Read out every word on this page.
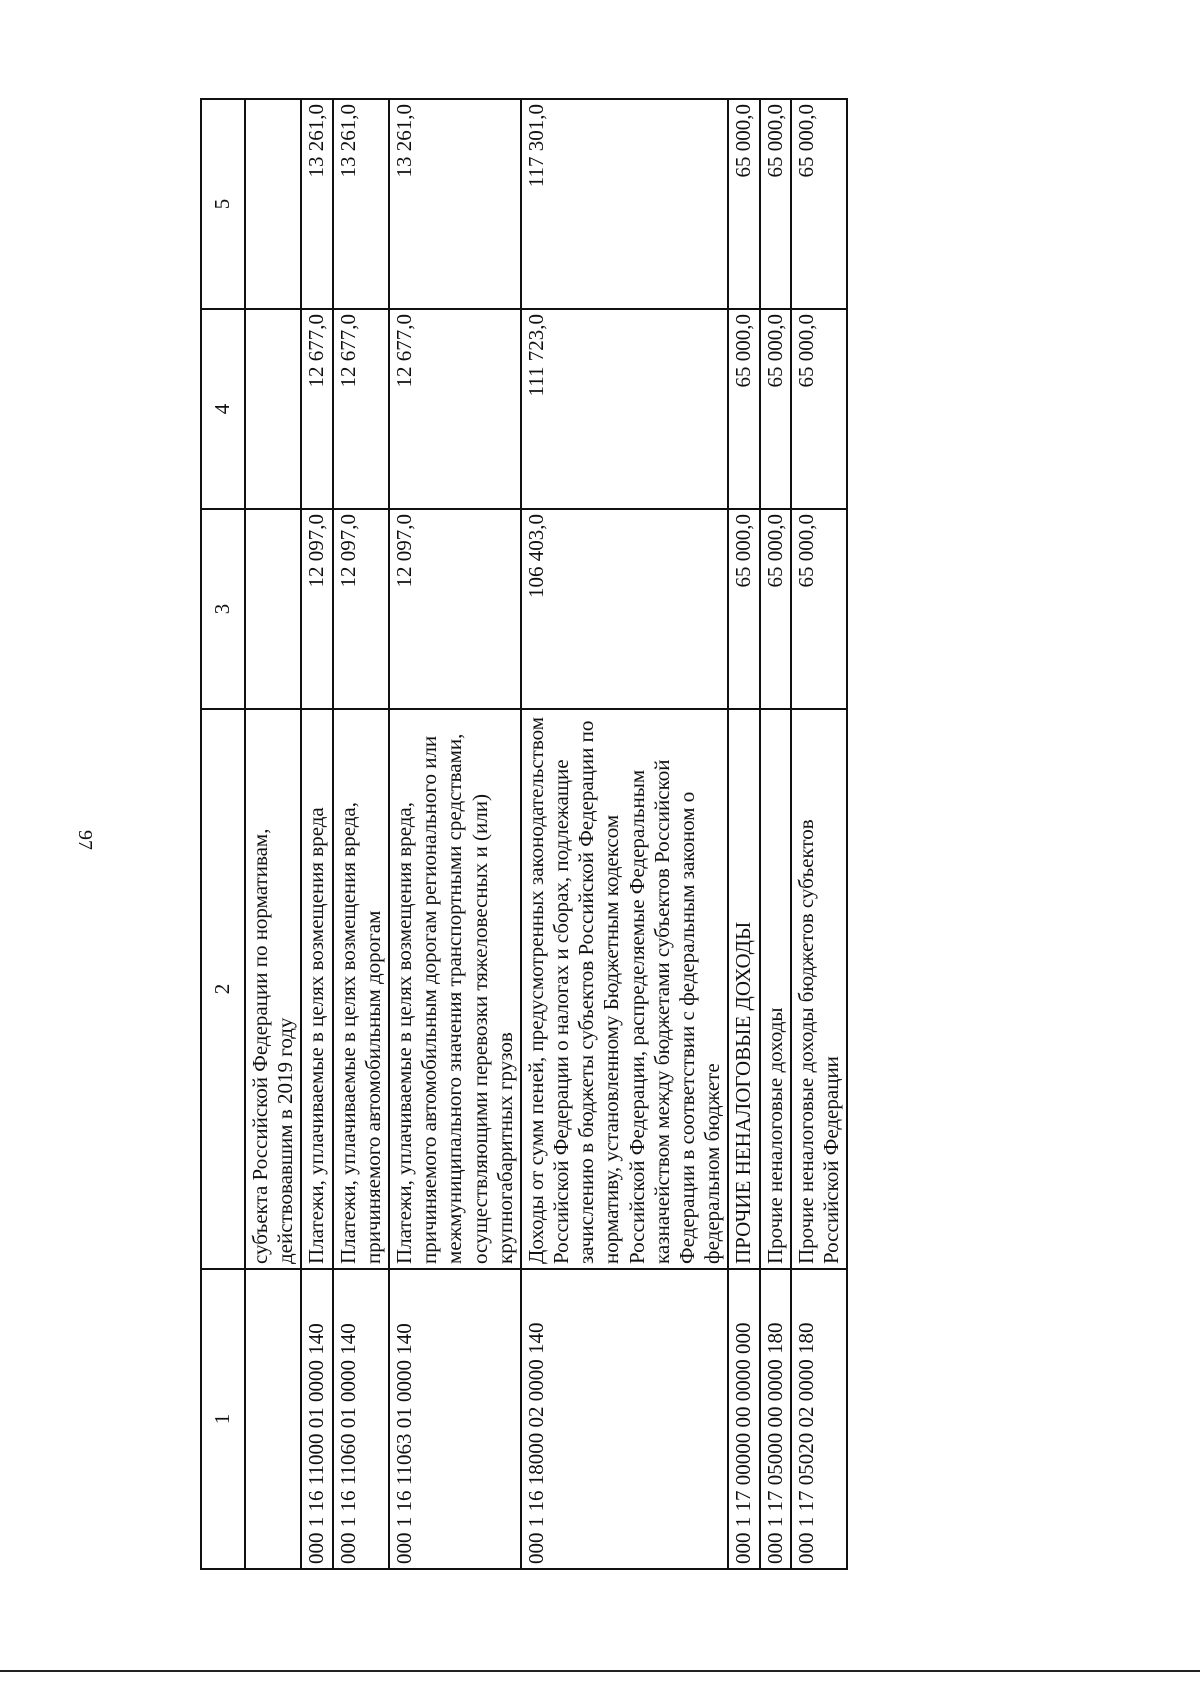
97
1	2	3	4	5
	субъекта Российской Федерации по нормативам, действовавшим в 2019 году			
000 1 16 11000 01 0000 140	Платежи, уплачиваемые в целях возмещения вреда	12 097,0	12 677,0	13 261,0
000 1 16 11060 01 0000 140	Платежи, уплачиваемые в целях возмещения вреда, причиняемого автомобильным дорогам	12 097,0	12 677,0	13 261,0
000 1 16 11063 01 0000 140	Платежи, уплачиваемые в целях возмещения вреда, причиняемого автомобильным дорогам регионального или межмуниципального значения транспортными средствами, осуществляющими перевозки тяжеловесных и (или) крупногабаритных грузов	12 097,0	12 677,0	13 261,0
000 1 16 18000 02 0000 140	Доходы от сумм пеней, предусмотренных законодательством Российской Федерации о налогах и сборах, подлежащие зачислению в бюджеты субъектов Российской Федерации по нормативу, установленному Бюджетным кодексом Российской Федерации, распределяемые Федеральным казначейством между бюджетами субъектов Российской Федерации в соответствии с федеральным законом о федеральном бюджете	106 403,0	111 723,0	117 301,0
000 1 17 00000 00 0000 000	ПРОЧИЕ НЕНАЛОГОВЫЕ ДОХОДЫ	65 000,0	65 000,0	65 000,0
000 1 17 05000 00 0000 180	Прочие неналоговые доходы	65 000,0	65 000,0	65 000,0
000 1 17 05020 02 0000 180	Прочие неналоговые доходы бюджетов субъектов Российской Федерации	65 000,0	65 000,0	65 000,0
